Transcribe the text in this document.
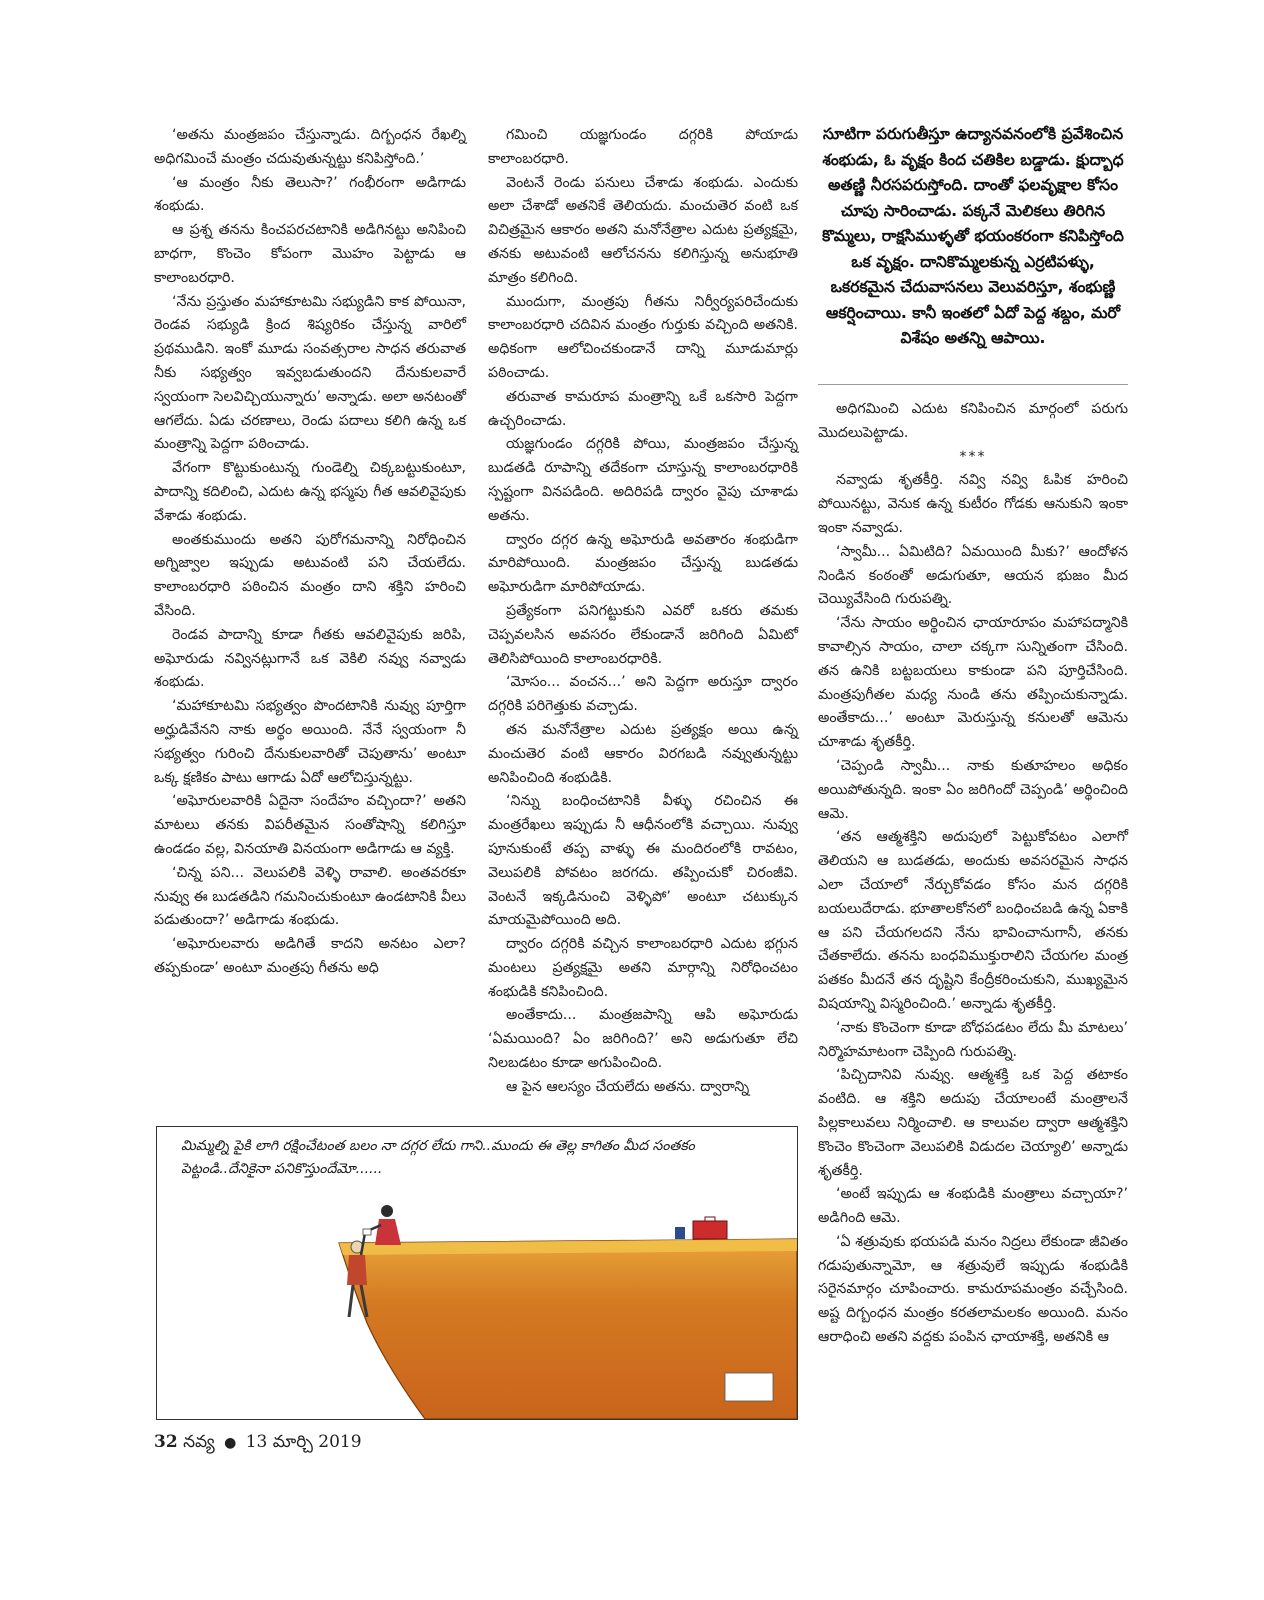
సూటిగా పరుగుతీస్తూ ఉద్యానవనంలోకి ప్రవేశించిన శంభుడు, ఓ వృక్షం కింద చతికిల బడ్డాడు. క్షుద్బాధ అతణ్ణి నీరసపరుస్తోంది. దాంతో ఫలవృక్షాల కోసం చూపు సారించాడు. పక్కనే మెలికలు తిరిగిన కొమ్మలు, రాక్షసిముళ్ళతో భయంకరంగా కనిపిస్తోంది ఒక వృక్షం. దానికొమ్మలకున్న ఎర్రటిపళ్ళు, ఒకరకమైన చేదువాసనలు వెలువరిస్తూ, శంభుణ్ణి ఆకర్షించాయి. కానీ ఇంతలో ఏదో పెద్ద శబ్దం, మరో విశేషం అతన్ని ఆపాయి.

‘అతను మంత్రజపం చేస్తున్నాడు. దిగ్బంధన రేఖల్ని అధిగమించే మంత్రం చదువుతున్నట్టు కనిపిస్తోంది.’

‘ఆ మంత్రం నీకు తెలుసా?’ గంభీరంగా అడిగాడు శంభుడు.

ఆ ప్రశ్న తనను కించపరచటానికి అడిగినట్టు అనిపించి బాధగా, కొంచెం కోపంగా మొహం పెట్టాడు ఆ కాలాంబరధారి.

‘నేను ప్రస్తుతం మహాకూటమి సభ్యుడిని కాక పోయినా, రెండవ సభ్యుడి క్రింద శిష్యరికం చేస్తున్న వారిలో ప్రథముడిని. ఇంకో మూడు సంవత్సరాల సాధన తరువాత నీకు సభ్యత్వం ఇవ్వబడుతుందని దేనుకులవారే స్వయంగా సెలవిచ్చియున్నారు’ అన్నాడు. అలా అనటంతో ఆగలేదు. ఏడు చరణాలు, రెండు పదాలు కలిగి ఉన్న ఒక మంత్రాన్ని పెద్దగా పఠించాడు.

వేగంగా కొట్టుకుంటున్న గుండెల్ని చిక్కబట్టుకుంటూ, పాదాన్ని కదిలించి, ఎదుట ఉన్న భస్మపు గీత ఆవలివైపుకు వేశాడు శంభుడు.

అంతకుముందు అతని పురోగమనాన్ని నిరోధించిన అగ్నిజ్వాల ఇప్పుడు అటువంటి పని చేయలేదు. కాలాంబరధారి పఠించిన మంత్రం దాని శక్తిని హరించి వేసింది.

రెండవ పాదాన్ని కూడా గీతకు ఆవలివైపుకు జరిపి, అఘోరుడు నవ్వినట్లుగానే ఒక వెకిలి నవ్వు నవ్వాడు శంభుడు.

‘మహాకూటమి సభ్యత్వం పొందటానికి నువ్వు పూర్తిగా అర్హుడివేనని నాకు అర్థం అయింది. నేనే స్వయంగా నీ సభ్యత్వం గురించి దేనుకులవారితో చెపుతాను’ అంటూ ఒక్క క్షణికం పాటు ఆగాడు ఏదో ఆలోచిస్తున్నట్టు.

‘అఘోరులవారికి ఏదైనా సందేహం వచ్చిందా?’ అతని మాటలు తనకు విపరీతమైన సంతోషాన్ని కలిగిస్తూ ఉండడం వల్ల, వినయాతి వినయంగా అడిగాడు ఆ వ్యక్తి.

‘చిన్న పని... వెలుపలికి వెళ్ళి రావాలి. అంతవరకూ నువ్వు ఈ బుడతడిని గమనించుకుంటూ ఉండటానికి వీలు పడుతుందా?’ అడిగాడు శంభుడు.

‘అఘోరులవారు అడిగితే కాదని అనటం ఎలా? తప్పకుండా’ అంటూ మంత్రపు గీతను అధి

గమించి యజ్ఞగుండం దగ్గరికి పోయాడు కాలాంబరధారి.

వెంటనే రెండు పనులు చేశాడు శంభుడు. ఎందుకు అలా చేశాడో అతనికే తెలియదు. మంచుతెర వంటి ఒక విచిత్రమైన ఆకారం అతని మనోనేత్రాల ఎదుట ప్రత్యక్షమై, తనకు అటువంటి ఆలోచనను కలిగిస్తున్న అనుభూతి మాత్రం కలిగింది.

ముందుగా, మంత్రపు గీతను నిర్వీర్యపరిచేందుకు కాలాంబరధారి చదివిన మంత్రం గుర్తుకు వచ్చింది అతనికి. అధికంగా ఆలోచించకుండానే దాన్ని మూడుమార్లు పఠించాడు.

తరువాత కామరూప మంత్రాన్ని ఒకే ఒకసారి పెద్దగా ఉచ్చరించాడు.

యజ్ఞగుండం దగ్గరికి పోయి, మంత్రజపం చేస్తున్న బుడతడి రూపాన్ని తదేకంగా చూస్తున్న కాలాంబరధారికి స్పష్టంగా వినపడింది. అదిరిపడి ద్వారం వైపు చూశాడు అతను.

ద్వారం దగ్గర ఉన్న అఘోరుడి అవతారం శంభుడిగా మారిపోయింది. మంత్రజపం చేస్తున్న బుడతడు అఘోరుడిగా మారిపోయాడు.

ప్రత్యేకంగా పనిగట్టుకుని ఎవరో ఒకరు తమకు చెప్పవలసిన అవసరం లేకుండానే జరిగింది ఏమిటో తెలిసిపోయింది కాలాంబరధారికి.

‘మోసం... వంచన...’ అని పెద్దగా అరుస్తూ ద్వారం దగ్గరికి పరిగెత్తుకు వచ్చాడు.

తన మనోనేత్రాల ఎదుట ప్రత్యక్షం అయి ఉన్న మంచుతెర వంటి ఆకారం విరగబడి నవ్వుతున్నట్టు అనిపించింది శంభుడికి.

‘నిన్ను బంధించటానికి వీళ్ళు రచించిన ఈ మంత్రరేఖలు ఇప్పుడు నీ ఆధీనంలోకి వచ్చాయి. నువ్వు పూనుకుంటే తప్ప వాళ్ళు ఈ మందిరంలోకి రావటం, వెలుపలికి పోవటం జరగదు. తప్పించుకో చిరంజీవి. వెంటనే ఇక్కడినుంచి వెళ్ళిపో’ అంటూ చటుక్కున మాయమైపోయింది అది.

ద్వారం దగ్గరికి వచ్చిన కాలాంబరధారి ఎదుట భగ్గున మంటలు ప్రత్యక్షమై అతని మార్గాన్ని నిరోధించటం శంభుడికి కనిపించింది.

అంతేకాదు... మంత్రజపాన్ని ఆపి అఘోరుడు ‘ఏమయింది? ఏం జరిగింది?’ అని అడుగుతూ లేచి నిలబడటం కూడా అగుపించింది.

ఆ పైన ఆలస్యం చేయలేదు అతను. ద్వారాన్ని

అధిగమించి ఎదుట కనిపించిన మార్గంలో పరుగు మొదలుపెట్టాడు.

***

నవ్వాడు శృతకీర్తి. నవ్వి నవ్వి ఓపిక హరించి పోయినట్టు, వెనుక ఉన్న కుటీరం గోడకు ఆనుకుని ఇంకా ఇంకా నవ్వాడు.

‘స్వామీ... ఏమిటిది? ఏమయింది మీకు?’ ఆందోళన నిండిన కంఠంతో అడుగుతూ, ఆయన భుజం మీద చెయ్యివేసింది గురుపత్ని.

‘నేను సాయం అర్థించిన ఛాయారూపం మహాపద్మానికి కావాల్సిన సాయం, చాలా చక్కగా సున్నితంగా చేసింది. తన ఉనికి బట్టబయలు కాకుండా పని పూర్తిచేసింది. మంత్రపుగీతల మధ్య నుండి తను తప్పించుకున్నాడు. అంతేకాదు...’ అంటూ మెరుస్తున్న కనులతో ఆమెను చూశాడు శృతకీర్తి.

‘చెప్పండి స్వామీ... నాకు కుతూహలం అధికం అయిపోతున్నది. ఇంకా ఏం జరిగిందో చెప్పండి’ అర్థించింది ఆమె.

‘తన ఆత్మశక్తిని అదుపులో పెట్టుకోవటం ఎలాగో తెలియని ఆ బుడతడు, అందుకు అవసరమైన సాధన ఎలా చేయాలో నేర్చుకోవడం కోసం మన దగ్గరికి బయలుదేరాడు. భూతాలకోనలో బంధించబడి ఉన్న ఏకాకి ఆ పని చేయగలదని నేను భావించానుగానీ, తనకు చేతకాలేదు. తనను బంధవిముక్తురాలిని చేయగల మంత్ర పతకం మీదనే తన దృష్టిని కేంద్రీకరించుకుని, ముఖ్యమైన విషయాన్ని విస్మరించింది.’ అన్నాడు శృతకీర్తి.

‘నాకు కొంచెంగా కూడా బోధపడటం లేదు మీ మాటలు’ నిర్మొహమాటంగా చెప్పింది గురుపత్ని.

‘పిచ్చిదానివి నువ్వు. ఆత్మశక్తి ఒక పెద్ద తటాకం వంటిది. ఆ శక్తిని అదుపు చేయాలంటే మంత్రాలనే పిల్లకాలువలు నిర్మించాలి. ఆ కాలువల ద్వారా ఆత్మశక్తిని కొంచెం కొంచెంగా వెలుపలికి విడుదల చెయ్యాలి’ అన్నాడు శృతకీర్తి.

‘అంటే ఇప్పుడు ఆ శంభుడికి మంత్రాలు వచ్చాయా?’ అడిగింది ఆమె.

‘ఏ శత్రువుకు భయపడి మనం నిద్రలు లేకుండా జీవితం గడుపుతున్నామో, ఆ శత్రువులే ఇప్పుడు శంభుడికి సరైనమార్గం చూపించారు. కామరూపమంత్రం వచ్చేసింది. అష్ట దిగ్బంధన మంత్రం కరతలామలకం అయింది. మనం ఆరాధించి అతని వద్దకు పంపిన ఛాయాశక్తి, అతనికి ఆ

మిమ్మల్ని పైకి లాగి రక్షించేటంత బలం నా దగ్గర లేదు గాని..ముందు ఈ తెల్ల కాగితం మీద సంతకం పెట్టండి..దేనికైనా పనికొస్తుందేమో......
32 నవ్య ● 13 మార్చి 2019
